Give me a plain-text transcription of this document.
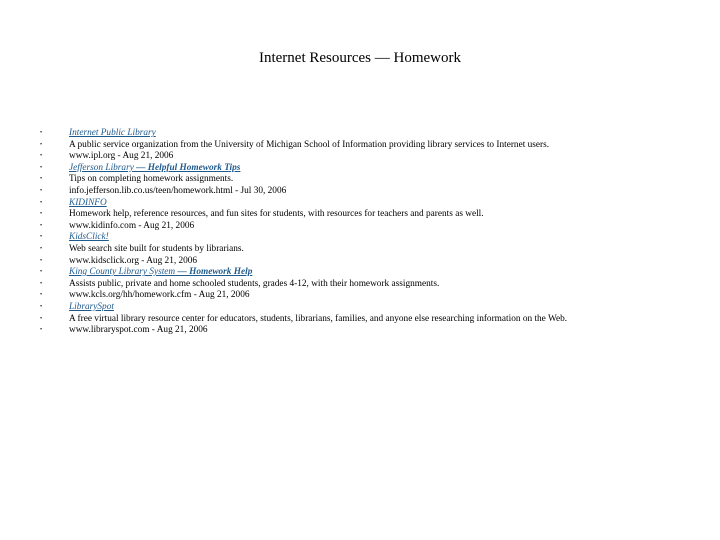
Internet Resources — Homework
•	Internet Public Library
•	A public service organization from the University of Michigan School of Information providing library services to Internet users.
•	www.ipl.org - Aug 21, 2006
•	Jefferson Library — Helpful Homework Tips
•	Tips on completing homework assignments.
•	info.jefferson.lib.co.us/teen/homework.html - Jul 30, 2006
•	KIDINFO
•	Homework help, reference resources, and fun sites for students, with resources for teachers and parents as well.
•	www.kidinfo.com - Aug 21, 2006
•	KidsClick!
•	Web search site built for students by librarians.
•	www.kidsclick.org - Aug 21, 2006
•	King County Library System — Homework Help
•	Assists public, private and home schooled students, grades 4-12, with their homework assignments.
•	www.kcls.org/hh/homework.cfm - Aug 21, 2006
•	LibrarySpot
•	A free virtual library resource center for educators, students, librarians, families, and anyone else researching information on the Web.
•	www.libraryspot.com - Aug 21, 2006
